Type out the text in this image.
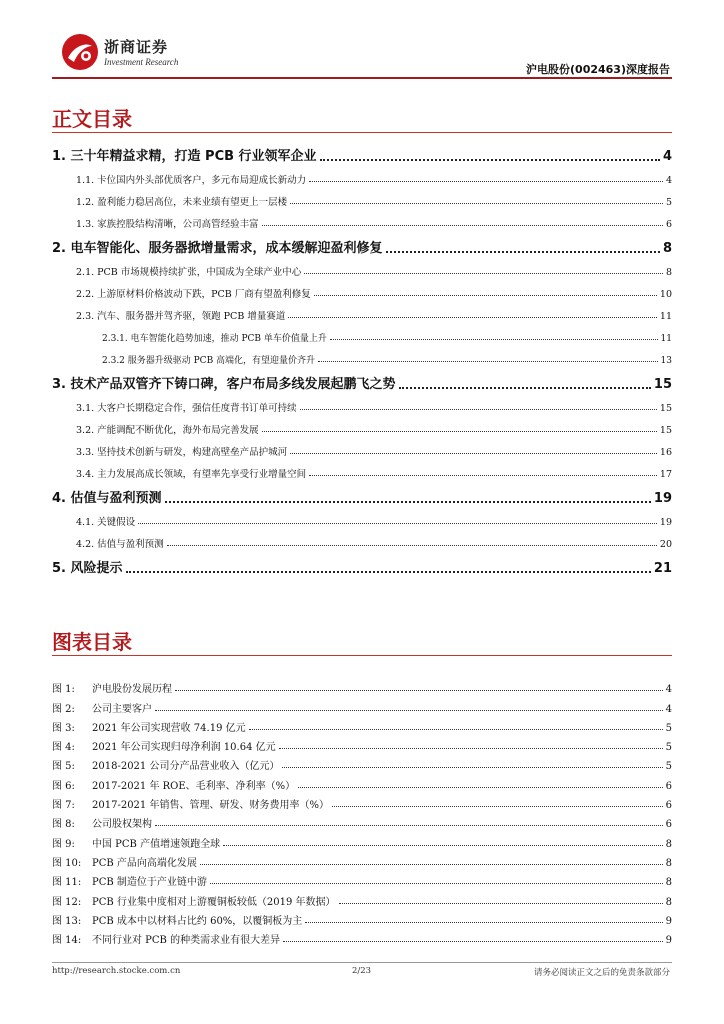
浙商证券
Investment Research
沪电股份(002463)深度报告
正文目录
1. 三十年精益求精，打造 PCB 行业领军企业	4
1.1. 卡位国内外头部优质客户，多元布局迎成长新动力	4
1.2. 盈利能力稳居高位，未来业绩有望更上一层楼	5
1.3. 家族控股结构清晰，公司高管经验丰富	6
2. 电车智能化、服务器掀增量需求，成本缓解迎盈利修复	8
2.1. PCB 市场规模持续扩张，中国成为全球产业中心	8
2.2. 上游原材料价格波动下跌，PCB 厂商有望盈利修复	10
2.3. 汽车、服务器并驾齐驱，领跑 PCB 增量赛道	11
2.3.1. 电车智能化趋势加速，推动 PCB 单车价值量上升	11
2.3.2 服务器升级驱动 PCB 高端化，有望迎量价齐升	13
3. 技术产品双管齐下铸口碑，客户布局多线发展起鹏飞之势	15
3.1. 大客户长期稳定合作，强信任度背书订单可持续	15
3.2. 产能调配不断优化，海外布局完善发展	15
3.3. 坚持技术创新与研发，构建高壁垒产品护城河	16
3.4. 主力发展高成长领域，有望率先享受行业增量空间	17
4. 估值与盈利预测	19
4.1. 关键假设	19
4.2. 估值与盈利预测	20
5. 风险提示	21
图表目录
图 1:	沪电股份发展历程	4
图 2:	公司主要客户	4
图 3:	2021 年公司实现营收 74.19 亿元	5
图 4:	2021 年公司实现归母净利润 10.64 亿元	5
图 5:	2018-2021 公司分产品营业收入（亿元）	5
图 6:	2017-2021 年 ROE、毛利率、净利率（%）	6
图 7:	2017-2021 年销售、管理、研发、财务费用率（%）	6
图 8:	公司股权架构	6
图 9:	中国 PCB 产值增速领跑全球	8
图 10:	PCB 产品向高端化发展	8
图 11:	PCB 制造位于产业链中游	8
图 12:	PCB 行业集中度相对上游覆铜板较低（2019 年数据）	8
图 13:	PCB 成本中以材料占比约 60%，以覆铜板为主	9
图 14:	不同行业对 PCB 的种类需求业有很大差异	9
http://research.stocke.com.cn	2/23	请务必阅读正文之后的免责条款部分
